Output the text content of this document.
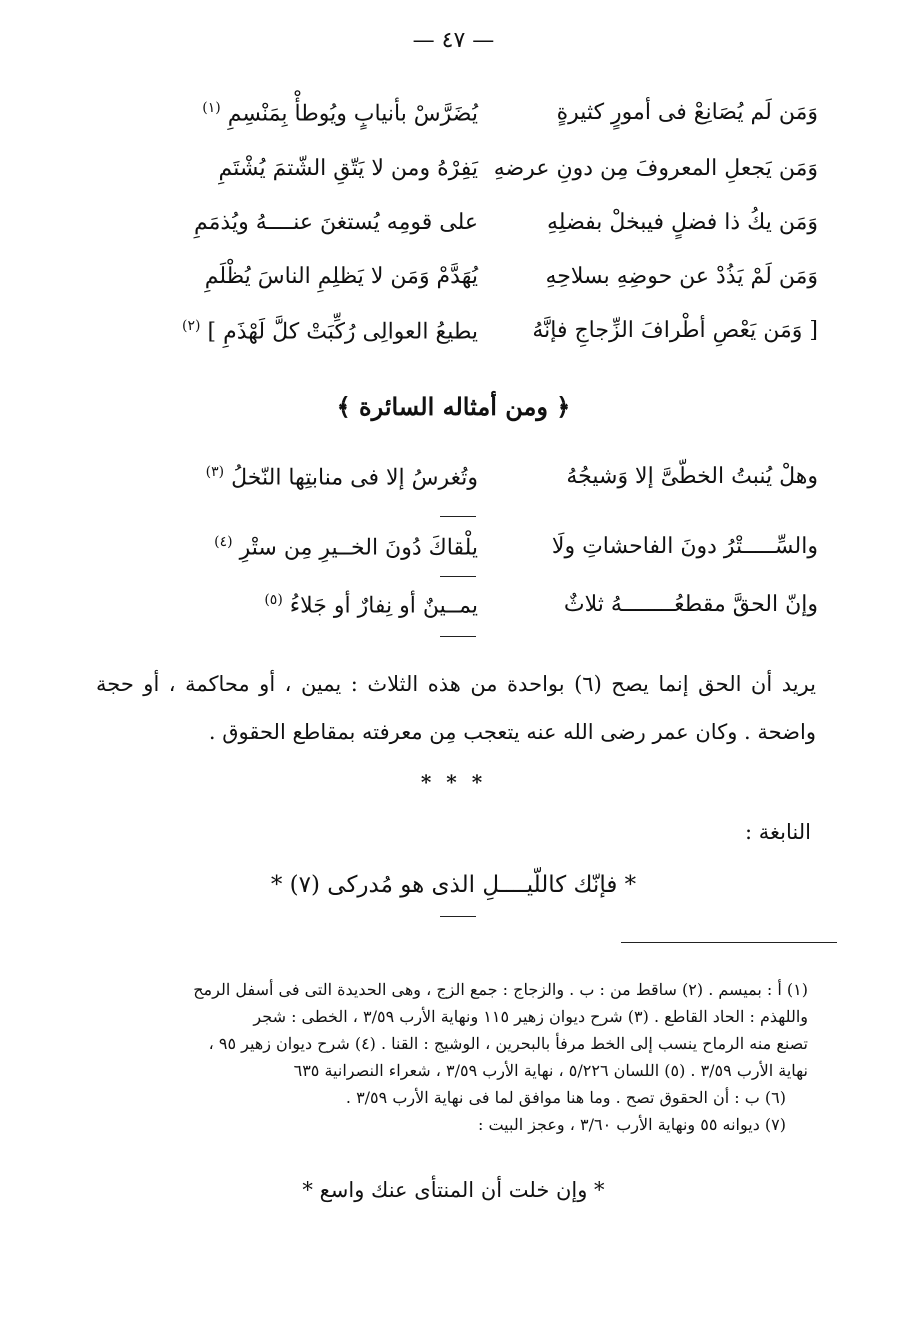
— ٤٧ —
وَمَن لَم يُصَانِعْ فى أمورٍ كثيرةٍ
يُضَرَّسْ بأنيابٍ ويُوطأْ بِمَنْسِمِ $^{(١)}$
وَمَن يَجعلِ المعروفَ مِن دونِ عرضهِ
يَفِرْهُ ومن لا يَتّقِ الشّتمَ يُشْتَمِ
وَمَن يكُ ذا فضلٍ فيبخلْ بفضلِهِ
على قومِه يُستغنَ عنــــهُ ويُذمَمِ
وَمَن لَمْ يَذُدْ عن حوضِهِ بسلاحِهِ
يُهَدَّمْ وَمَن لا يَظلِمِ الناسَ يُظْلَمِ
[ وَمَن يَعْصِ أطْرافَ الزِّجاجِ فإنَّهُ
يطيعُ العوالِى رُكِّبَتْ كلَّ لَهْذَمِ ] $^{(٢)}$
﴿ ومن أمثاله السائرة ﴾
وهلْ يُنبتُ الخطّىَّ إلا وَشيجُهُ
وتُغرسُ إلا فى منابتِها النّخلُ $^{(٣)}$
والسِّـــــتْرُ دونَ الفاحشاتِ ولَا
يلْقاكَ دُونَ الخــيرِ مِن ستْرِ $^{(٤)}$
وإنّ الحقَّ مقطعُــــــــهُ ثلاثٌ
يمــينٌ أو نِفارٌ أو جَلاءُ $^{(٥)}$
يريد أن الحق إنما يصح (٦) بواحدة من هذه الثلاث : يمين ، أو محاكمة ، أو حجة واضحة . وكان عمر رضى الله عنه يتعجب مِن معرفته بمقاطع الحقوق .
* * *
النابغة :
* فإنّك كاللّيــــلِ الذى هو مُدركى (٧) *
(١) أ : بميسم . (٢) ساقط من : ب . والزجاج : جمع الزج ، وهى الحديدة التى فى أسفل الرمح
واللهذم : الحاد القاطع . (٣) شرح ديوان زهير ١١٥ ونهاية الأرب ٣/٥٩ ، الخطى : شجر
تصنع منه الرماح ينسب إلى الخط مرفأ بالبحرين ، الوشيج : القنا . (٤) شرح ديوان زهير ٩٥ ،
نهاية الأرب ٣/٥٩ . (٥) اللسان ٥/٢٢٦ ، نهاية الأرب ٣/٥٩ ، شعراء النصرانية ٦٣٥
(٦) ب : أن الحقوق تصح . وما هنا موافق لما فى نهاية الأرب ٣/٥٩ .
(٧) ديوانه ٥٥ ونهاية الأرب ٣/٦٠ ، وعجز البيت :
* وإن خلت أن المنتأى عنك واسع *
